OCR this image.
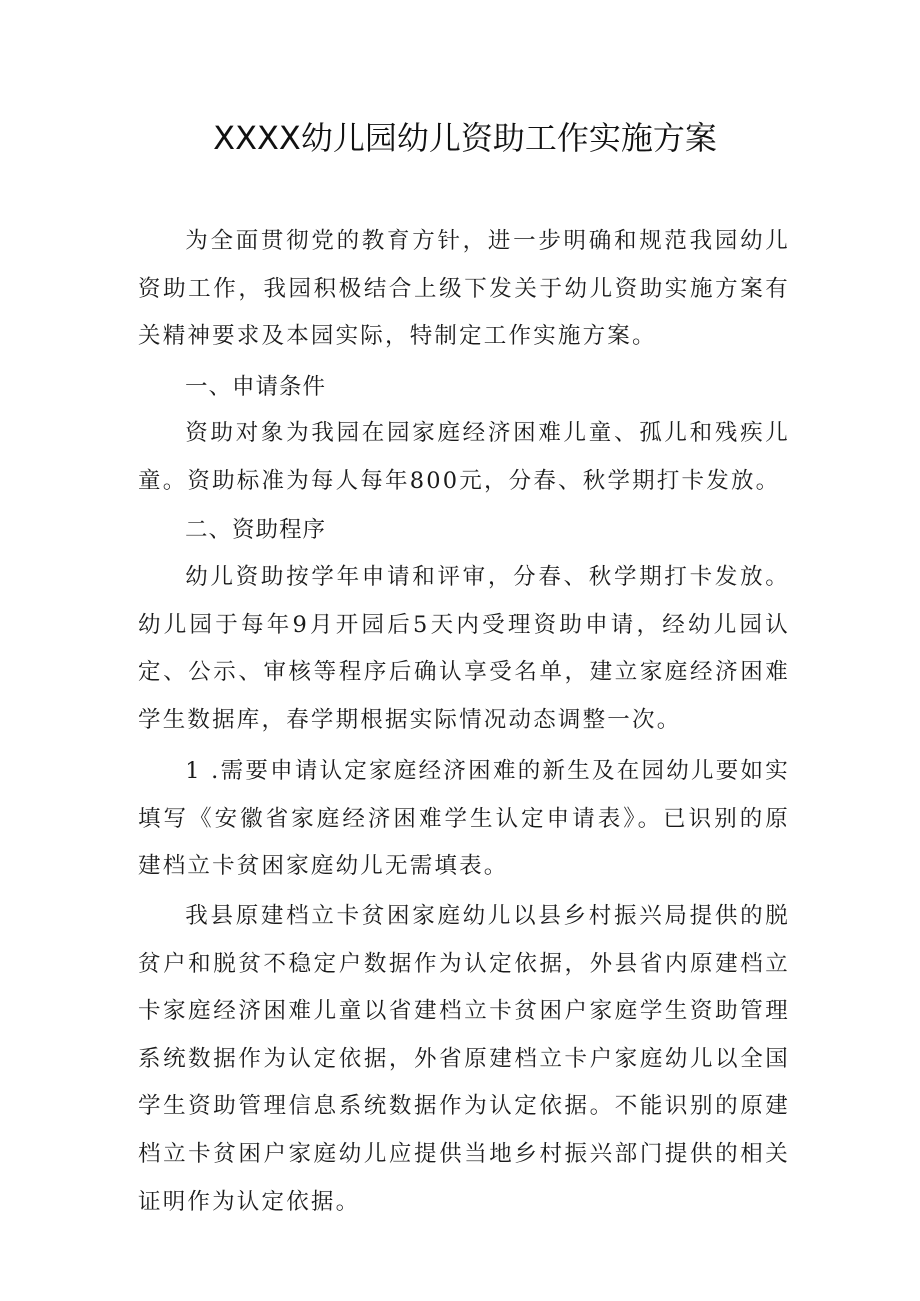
XXXX幼儿园幼儿资助工作实施方案

为全面贯彻党的教育方针，进一步明确和规范我园幼儿资助工作，我园积极结合上级下发关于幼儿资助实施方案有关精神要求及本园实际，特制定工作实施方案。

一、申请条件

资助对象为我园在园家庭经济困难儿童、孤儿和残疾儿童。资助标准为每人每年800元，分春、秋学期打卡发放。

二、资助程序

幼儿资助按学年申请和评审，分春、秋学期打卡发放。幼儿园于每年9月开园后5天内受理资助申请，经幼儿园认定、公示、审核等程序后确认享受名单，建立家庭经济困难学生数据库，春学期根据实际情况动态调整一次。

1 .需要申请认定家庭经济困难的新生及在园幼儿要如实填写《安徽省家庭经济困难学生认定申请表》。已识别的原建档立卡贫困家庭幼儿无需填表。

我县原建档立卡贫困家庭幼儿以县乡村振兴局提供的脱贫户和脱贫不稳定户数据作为认定依据，外县省内原建档立卡家庭经济困难儿童以省建档立卡贫困户家庭学生资助管理系统数据作为认定依据，外省原建档立卡户家庭幼儿以全国学生资助管理信息系统数据作为认定依据。不能识别的原建档立卡贫困户家庭幼儿应提供当地乡村振兴部门提供的相关证明作为认定依据。
